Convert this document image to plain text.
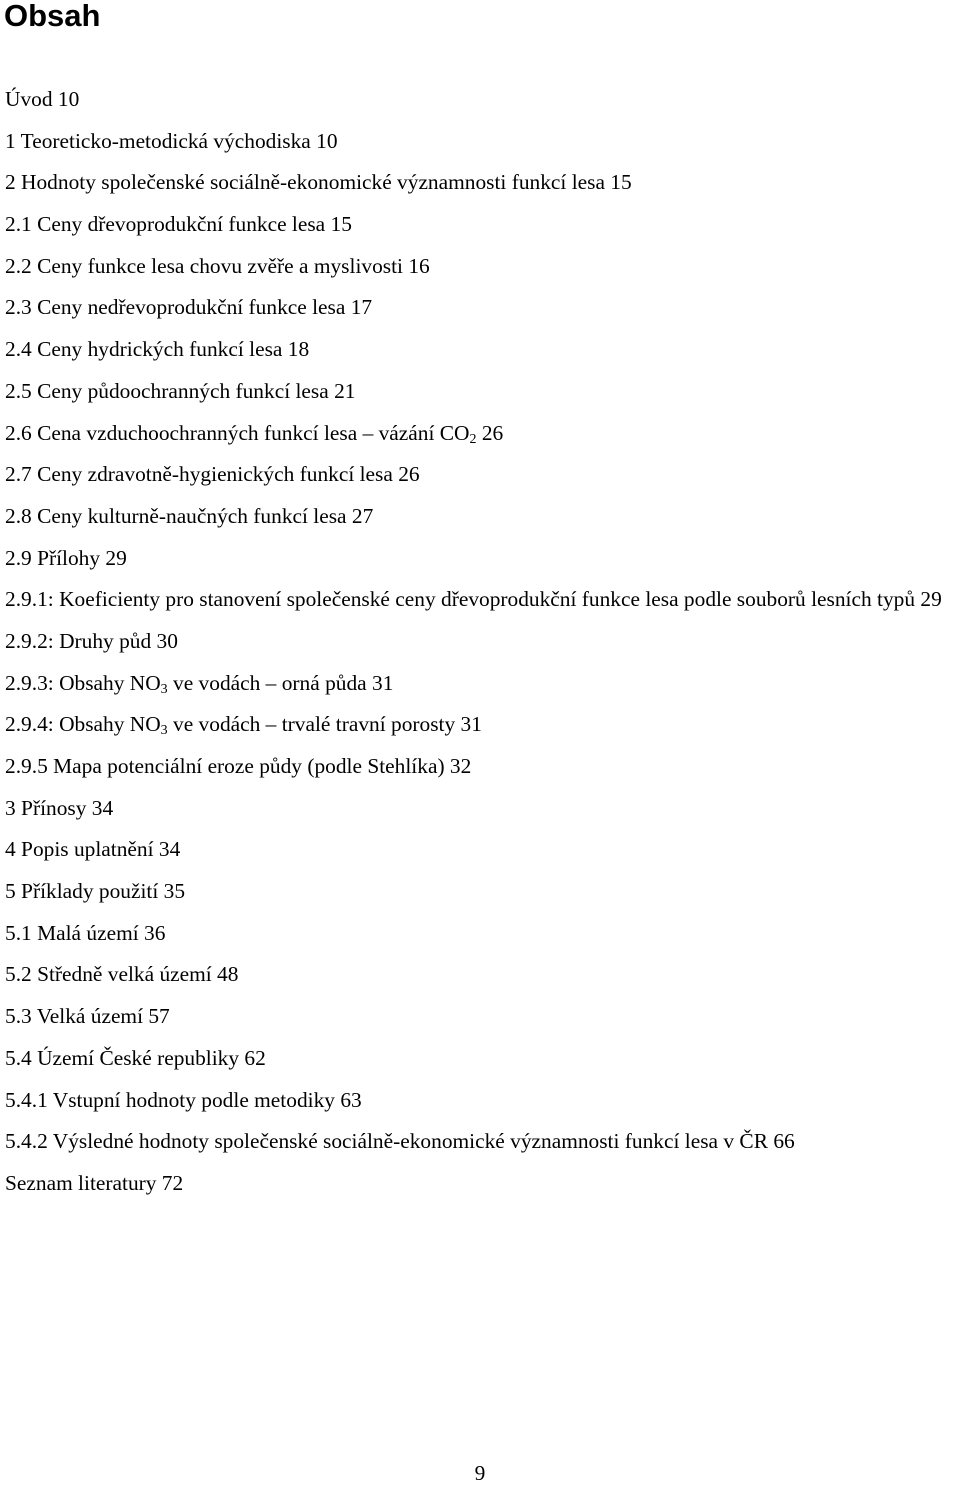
Obsah
Úvod 10
1 Teoreticko-metodická východiska 10
2 Hodnoty společenské sociálně-ekonomické významnosti funkcí lesa 15
2.1 Ceny dřevoprodukční funkce lesa 15
2.2 Ceny funkce lesa chovu zvěře a myslivosti 16
2.3 Ceny nedřevoprodukční funkce lesa 17
2.4 Ceny hydrických funkcí lesa 18
2.5 Ceny půdoochranných funkcí lesa 21
2.6 Cena vzduchoochranných funkcí lesa – vázání $CO_2$ 26
2.7 Ceny zdravotně-hygienických funkcí lesa 26
2.8 Ceny kulturně-naučných funkcí lesa 27
2.9 Přílohy 29
2.9.1: Koeficienty pro stanovení společenské ceny dřevoprodukční funkce lesa podle souborů lesních typů 29
2.9.2: Druhy půd 30
2.9.3: Obsahy $NO_3$ ve vodách – orná půda 31
2.9.4: Obsahy $NO_3$ ve vodách – trvalé travní porosty 31
2.9.5 Mapa potenciální eroze půdy (podle Stehlíka) 32
3 Přínosy 34
4 Popis uplatnění 34
5 Příklady použití 35
5.1 Malá území 36
5.2 Středně velká území 48
5.3 Velká území 57
5.4 Území České republiky 62
5.4.1 Vstupní hodnoty podle metodiky 63
5.4.2 Výsledné hodnoty společenské sociálně-ekonomické významnosti funkcí lesa v ČR 66
Seznam literatury 72
9
